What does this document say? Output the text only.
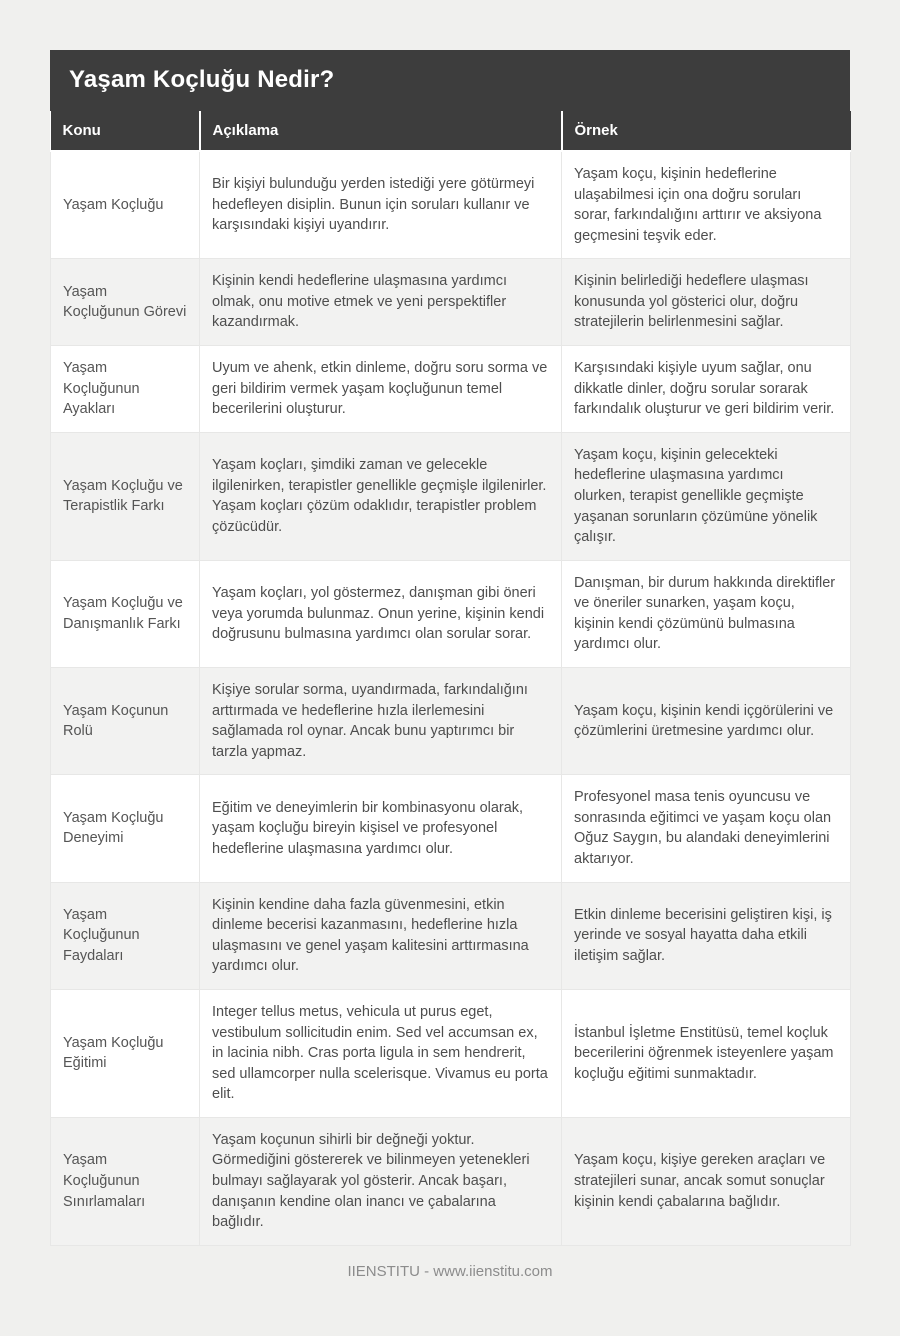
Yaşam Koçluğu Nedir?
Konu	Açıklama	Örnek
Yaşam Koçluğu	Bir kişiyi bulunduğu yerden istediği yere götürmeyi hedefleyen disiplin. Bunun için soruları kullanır ve karşısındaki kişiyi uyandırır.	Yaşam koçu, kişinin hedeflerine ulaşabilmesi için ona doğru soruları sorar, farkındalığını arttırır ve aksiyona geçmesini teşvik eder.
Yaşam Koçluğunun Görevi	Kişinin kendi hedeflerine ulaşmasına yardımcı olmak, onu motive etmek ve yeni perspektifler kazandırmak.	Kişinin belirlediği hedeflere ulaşması konusunda yol gösterici olur, doğru stratejilerin belirlenmesini sağlar.
Yaşam Koçluğunun Ayakları	Uyum ve ahenk, etkin dinleme, doğru soru sorma ve geri bildirim vermek yaşam koçluğunun temel becerilerini oluşturur.	Karşısındaki kişiyle uyum sağlar, onu dikkatle dinler, doğru sorular sorarak farkındalık oluşturur ve geri bildirim verir.
Yaşam Koçluğu ve Terapistlik Farkı	Yaşam koçları, şimdiki zaman ve gelecekle ilgilenirken, terapistler genellikle geçmişle ilgilenirler. Yaşam koçları çözüm odaklıdır, terapistler problem çözücüdür.	Yaşam koçu, kişinin gelecekteki hedeflerine ulaşmasına yardımcı olurken, terapist genellikle geçmişte yaşanan sorunların çözümüne yönelik çalışır.
Yaşam Koçluğu ve Danışmanlık Farkı	Yaşam koçları, yol göstermez, danışman gibi öneri veya yorumda bulunmaz. Onun yerine, kişinin kendi doğrusunu bulmasına yardımcı olan sorular sorar.	Danışman, bir durum hakkında direktifler ve öneriler sunarken, yaşam koçu, kişinin kendi çözümünü bulmasına yardımcı olur.
Yaşam Koçunun Rolü	Kişiye sorular sorma, uyandırmada, farkındalığını arttırmada ve hedeflerine hızla ilerlemesini sağlamada rol oynar. Ancak bunu yaptırımcı bir tarzla yapmaz.	Yaşam koçu, kişinin kendi içgörülerini ve çözümlerini üretmesine yardımcı olur.
Yaşam Koçluğu Deneyimi	Eğitim ve deneyimlerin bir kombinasyonu olarak, yaşam koçluğu bireyin kişisel ve profesyonel hedeflerine ulaşmasına yardımcı olur.	Profesyonel masa tenis oyuncusu ve sonrasında eğitimci ve yaşam koçu olan Oğuz Saygın, bu alandaki deneyimlerini aktarıyor.
Yaşam Koçluğunun Faydaları	Kişinin kendine daha fazla güvenmesini, etkin dinleme becerisi kazanmasını, hedeflerine hızla ulaşmasını ve genel yaşam kalitesini arttırmasına yardımcı olur.	Etkin dinleme becerisini geliştiren kişi, iş yerinde ve sosyal hayatta daha etkili iletişim sağlar.
Yaşam Koçluğu Eğitimi	Integer tellus metus, vehicula ut purus eget, vestibulum sollicitudin enim. Sed vel accumsan ex, in lacinia nibh. Cras porta ligula in sem hendrerit, sed ullamcorper nulla scelerisque. Vivamus eu porta elit.	İstanbul İşletme Enstitüsü, temel koçluk becerilerini öğrenmek isteyenlere yaşam koçluğu eğitimi sunmaktadır.
Yaşam Koçluğunun Sınırlamaları	Yaşam koçunun sihirli bir değneği yoktur. Görmediğini göstererek ve bilinmeyen yetenekleri bulmayı sağlayarak yol gösterir. Ancak başarı, danışanın kendine olan inancı ve çabalarına bağlıdır.	Yaşam koçu, kişiye gereken araçları ve stratejileri sunar, ancak somut sonuçlar kişinin kendi çabalarına bağlıdır.
IIENSTITU - www.iienstitu.com
